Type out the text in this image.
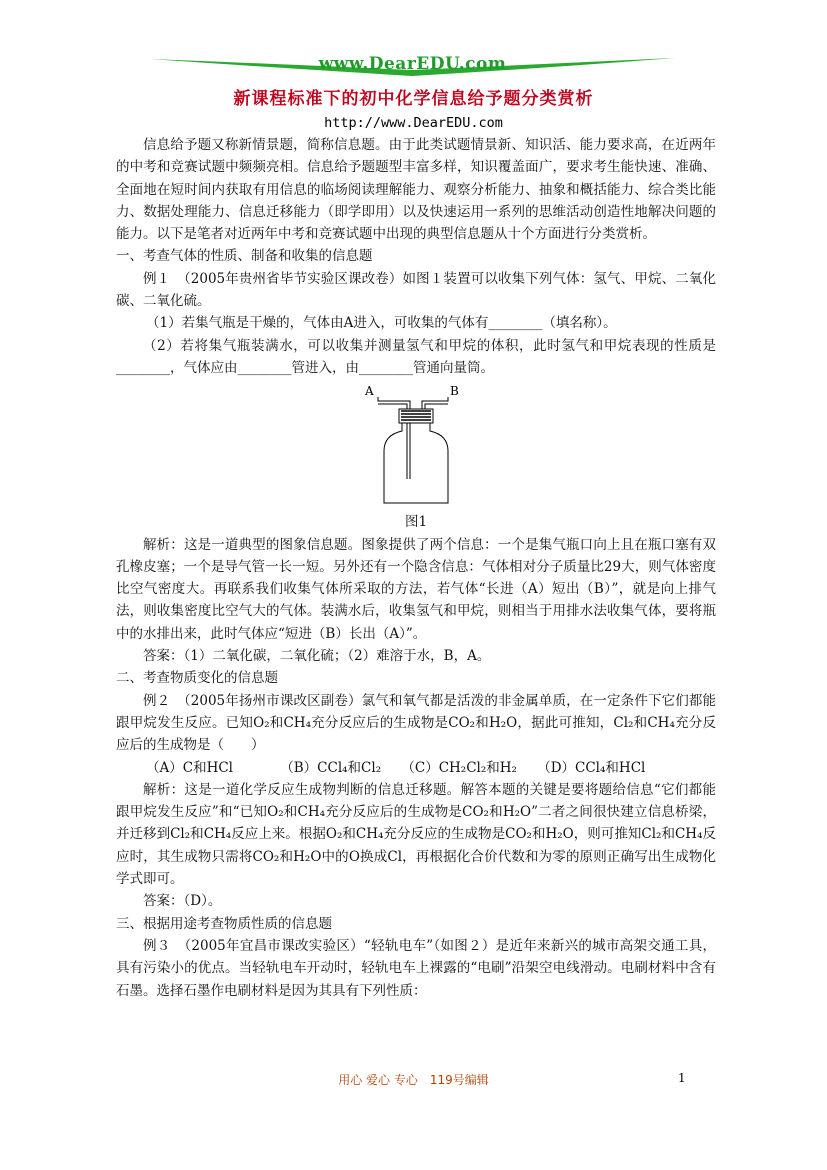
www.DearEDU.com
新课程标准下的初中化学信息给予题分类赏析
http://www.DearEDU.com

信息给予题又称新情景题，简称信息题。由于此类试题情景新、知识活、能力要求高，在近两年的中考和竞赛试题中频频亮相。信息给予题题型丰富多样，知识覆盖面广，要求考生能快速、准确、全面地在短时间内获取有用信息的临场阅读理解能力、观察分析能力、抽象和概括能力、综合类比能力、数据处理能力、信息迁移能力（即学即用）以及快速运用一系列的思维活动创造性地解决问题的能力。以下是笔者对近两年中考和竞赛试题中出现的典型信息题从十个方面进行分类赏析。

一、考查气体的性质、制备和收集的信息题

例１　（2005年贵州省毕节实验区课改卷）如图１装置可以收集下列气体：氢气、甲烷、二氧化碳、二氧化硫。

（1）若集气瓶是干燥的，气体由A进入，可收集的气体有________（填名称）。

（2）若将集气瓶装满水，可以收集并测量氢气和甲烷的体积，此时氢气和甲烷表现的性质是________，气体应由________管进入，由________管通向量筒。

A	B

图1

解析：这是一道典型的图象信息题。图象提供了两个信息：一个是集气瓶口向上且在瓶口塞有双孔橡皮塞；一个是导气管一长一短。另外还有一个隐含信息：气体相对分子质量比29大，则气体密度比空气密度大。再联系我们收集气体所采取的方法，若气体“长进（A）短出（B）”，就是向上排气法，则收集密度比空气大的气体。装满水后，收集氢气和甲烷，则相当于用排水法收集气体，要将瓶中的水排出来，此时气体应“短进（B）长出（A）”。

答案：（1）二氧化碳，二氧化硫；（2）难溶于水，B，A。

二、考查物质变化的信息题

例２　（2005年扬州市课改区副卷）氯气和氧气都是活泼的非金属单质，在一定条件下它们都能跟甲烷发生反应。已知O₂和CH₄充分反应后的生成物是CO₂和H₂O，据此可推知，Cl₂和CH₄充分反应后的生成物是（　　）

（A）C和HCl　　　　（B）CCl₄和Cl₂　　（C）CH₂Cl₂和H₂　　（D）CCl₄和HCl

解析：这是一道化学反应生成物判断的信息迁移题。解答本题的关键是要将题给信息“它们都能跟甲烷发生反应”和“已知O₂和CH₄充分反应后的生成物是CO₂和H₂O”二者之间很快建立信息桥梁，并迁移到Cl₂和CH₄反应上来。根据O₂和CH₄充分反应的生成物是CO₂和H₂O，则可推知Cl₂和CH₄反应时，其生成物只需将CO₂和H₂O中的O换成Cl，再根据化合价代数和为零的原则正确写出生成物化学式即可。

答案：（D）。

三、根据用途考查物质性质的信息题

例３　（2005年宜昌市课改实验区）“轻轨电车”（如图２）是近年来新兴的城市高架交通工具，具有污染小的优点。当轻轨电车开动时，轻轨电车上裸露的“电刷”沿架空电线滑动。电刷材料中含有石墨。选择石墨作电刷材料是因为其具有下列性质：

用心 爱心 专心　119号编辑	1
